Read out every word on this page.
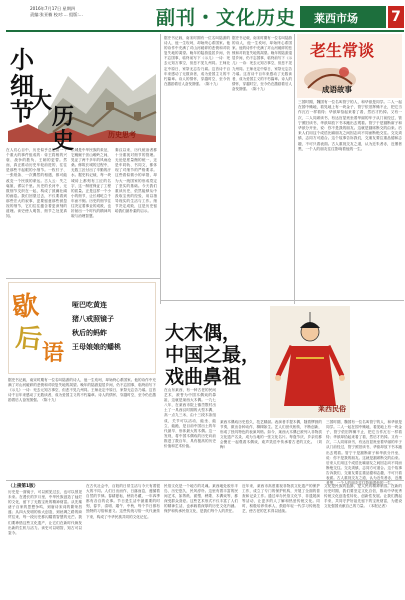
2016年7月17日 星期四
责编:张亚楠 校对:… 组版:…	副刊・文化历史 莱西市场 7
小
细
节
大
历
史	历史思考
在人们心目中，历史似乎总是由一个个重大的事件组成的：帝王将相的兴衰、战争的胜负、王朝的更替。然而，真正推动历史车轮前进的，往往是那些不起眼的小细节。一枚钉子、一张纸条、一次偶然的相遇，都可能改变一个民族的命运。古人云：失之毫厘，谬以千里。历史的长河中，无数细节交织在一起，构成了波澜壮阔的画卷。我们回望过去，不仅要看到那些宏大的叙事，更要留意那些被忽视的细节，它们往往蕴含着更深刻的道理。读史使人明智，细节之处见真知。
长城是中华民族的象征，它蜿蜒于崇山峻岭之间，见证了两千多年的风雨沧桑。修筑长城的过程中，无数工匠付出了辛勤的汗水。据史料记载，每一块城砖上都刻有工匠的名字，这一制度保证了工程的质量。正是这样一个小小的细节，让长城屹立千年而不倒。历史的细节往往决定着事业的成败，也折射出一个时代的精神风貌与治理智慧。
秦汉以来，历代统治者都十分重视对细节的管理。无论是度量衡的统一，还是车同轨、书同文，都体现了对细节的严格要求。这些看似微小的举措，却为大一统国家的形成奠定了坚实的基础。今天我们重读历史，依然能够从中汲取宝贵的经验，用以指导现实的生活与工作。细节决定成败，这是历史留给我们最朴素的启示。
据史书记载，南宋时期有一位名叫陆游的诗人，他一生坎坷，却始终心系国家。他的诗作中充满了对山河破碎的悲愤和对收复失地的渴望。晚年的陆游退居乡间，仍不忘国事，临终前写下《示儿》一诗：死去元知万事空，但悲不见九州同。王师北定中原日，家祭无忘告乃翁。这首诗千百年来感动了无数读者，成为爱国主义的不朽篇章。诗人的情怀，穿越时空，至今仍在激励着后人奋发图强。（陈十九）
据史书记载，南宋时期有一位名叫陆游的诗人，他一生坎坷，却始终心系国家。他的诗作中充满了对山河破碎的悲愤和对收复失地的渴望。晚年的陆游退居乡间，仍不忘国事，临终前写下《示儿》一诗：死去元知万事空，但悲不见九州同。王师北定中原日，家祭无忘告乃翁。这首诗千百年来感动了无数读者，成为爱国主义的不朽篇章。诗人的情怀，穿越时空，至今仍在激励着后人奋发图强。（陈十九）
老生常谈
成语故事
三国时期，魏国有一位名叫管宁的人，和华歆是同学。二人一起在园中锄地，看见地上有一块金子，管宁依旧挥锄不止，把它当作瓦石一样看待；华歆却拾起来看了看，然后才扔掉。又有一次，二人同席读书，有达官显贵坐着华丽的车子从门前经过，管宁照旧读书，华歆却放下书本跑出去观看。管宁于是割断席子和华歆分开坐，说：你不是我的朋友。这就是割席断交的由来。后来人们用这个成语比喻朋友之间因志向不同而断绝交往。交友须慎，志同方可道合。这个故事告诉我们，交朋友要注重品德和志趣，不可只看表面。古人重视交友之道，认为近朱者赤，近墨者黑，一个人的朋友往往影响着他的一生。
歇
后
语
哑巴吃黄连
猪八戒照镜子
秋后的蚂蚱
王母娘娘的蟠桃
大木偶，
中国之最，
戏曲鼻祖
莱西民俗
在山东莱西，有一种古老的民间艺术，被誉为中国木偶戏的鼻祖，这就是莱西大木偶。一九七八年，在莱西市院上镇岱墅村出土了一具西汉时期的大型木偶，高一点九三米，由十三段木条组成，关节可以活动，能坐、能立、能跪，是目前中国出土的年代最早、形体最大的木偶。这一发现，将中国木偶戏的历史向前推进了数百年，具有极高的历史价值和艺术价值。
莱西木偶戏历史悠久，技艺精湛。表演者手提木偶，随着锣鼓的节奏，做出各种动作，栩栩如生。艺人们世代相传，不断创新，形成了独具特色的表演风格。如今，莱西大木偶已被列入非物质文化遗产名录，成为当地的一张文化名片。每逢节庆，乡亲们都会聚在一起观看木偶戏，欢声笑语中传承着古老的文化。（刘梅）
三国时期，魏国有一位名叫管宁的人，和华歆是同学。二人一起在园中锄地，看见地上有一块金子，管宁依旧挥锄不止，把它当作瓦石一样看待；华歆却拾起来看了看，然后才扔掉。又有一次，二人同席读书，有达官显贵坐着华丽的车子从门前经过，管宁照旧读书，华歆却放下书本跑出去观看。管宁于是割断席子和华歆分开坐，说：你不是我的朋友。这就是割席断交的由来。后来人们用这个成语比喻朋友之间因志向不同而断绝交往。交友须慎，志同方可道合。这个故事告诉我们，交朋友要注重品德和志趣，不可只看表面。古人重视交友之道，认为近朱者赤，近墨者黑，一个人的朋友往往影响着他的一生。
据史书记载，南宋时期有一位名叫陆游的诗人，他一生坎坷，却始终心系国家。他的诗作中充满了对山河破碎的悲愤和对收复失地的渴望。晚年的陆游退居乡间，仍不忘国事，临终前写下《示儿》一诗：死去元知万事空，但悲不见九州同。王师北定中原日，家祭无忘告乃翁。这首诗千百年来感动了无数读者，成为爱国主义的不朽篇章。诗人的情怀，穿越时空，至今仍在激励着后人奋发图强。（陈十九）
（上接第1版）
历史是一面镜子，可以照见过去，也可以预见未来。在漫长的岁月里，中华民族创造了灿烂的文化，留下了无数宝贵的精神财富。从先秦诸子百家的思想争鸣，到唐诗宋词的繁荣昌盛；从四大发明的伟大创造，到丝绸之路的商贸往来，每一段历史都闪耀着智慧的光芒。我们要珍惜这些文化遗产，让它们在新时代焕发出新的生机与活力。读史可以明智，知古可以鉴今。
在古代社会中，百姓的日常生活与今天有着很大的不同。人们日出而作，日落而息，遵循着自然的节律。春耕夏耘，秋收冬藏，一年四季都有各自的农事。节日是生活中最重要的时刻，春节、清明、端午、中秋，每个节日都有独特的习俗和意义。这些传统习俗一代代流传下来，构成了中华民族共同的文化记忆。
民俗文化是一个地方的灵魂。莱西地处胶东半岛，历史悠久，民风淳朴。这里有着丰富的民间艺术，如剪纸、面塑、秧歌、木偶戏等，都深受群众喜爱。这些艺术形式不仅丰富了人们的精神生活，也承载着深厚的历史文化内涵。保护和传承民俗文化，是我们每个人的责任。
近年来，莱西市高度重视非物质文化遗产的保护工作，成立了专门的保护机构，开展了全面的普查和记录工作。通过举办民俗文化节、非遗展演等活动，让更多的人了解和热爱传统文化。同时，积极培养传承人，鼓励年轻一代学习传统技艺，使古老的艺术得以延续。
文化是民族的血脉，是人民的精神家园。在新的历史时期，我们要坚定文化自信，推动中华优秀传统文化创造性转化、创新性发展。让我们携起手来，共同守护好祖先留下的宝贵财富，为建设文化强国贡献自己的力量。（本报记者）
